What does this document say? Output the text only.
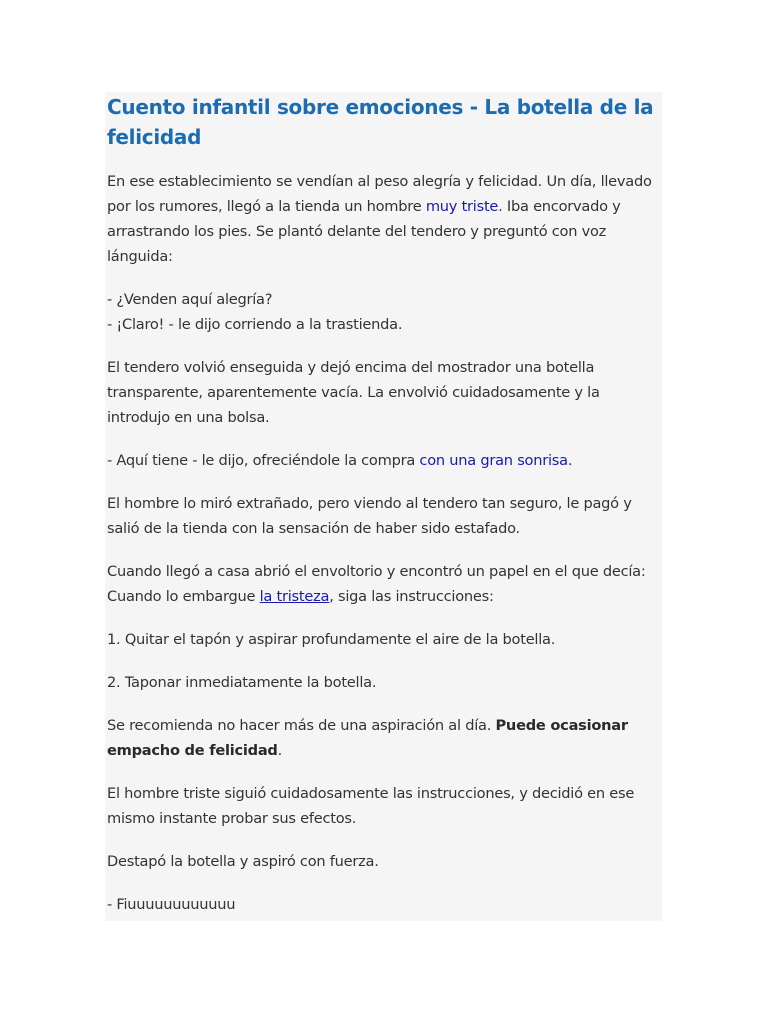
Cuento infantil sobre emociones - La botella de la felicidad

En ese establecimiento se vendían al peso alegría y felicidad. Un día, llevado por los rumores, llegó a la tienda un hombre muy triste. Iba encorvado y arrastrando los pies. Se plantó delante del tendero y preguntó con voz lánguida:

- ¿Venden aquí alegría?
- ¡Claro! - le dijo corriendo a la trastienda.

El tendero volvió enseguida y dejó encima del mostrador una botella transparente, aparentemente vacía. La envolvió cuidadosamente y la introdujo en una bolsa.

- Aquí tiene - le dijo, ofreciéndole la compra con una gran sonrisa.

El hombre lo miró extrañado, pero viendo al tendero tan seguro, le pagó y salió de la tienda con la sensación de haber sido estafado.

Cuando llegó a casa abrió el envoltorio y encontró un papel en el que decía: Cuando lo embargue la tristeza, siga las instrucciones:

1. Quitar el tapón y aspirar profundamente el aire de la botella.

2. Taponar inmediatamente la botella.

Se recomienda no hacer más de una aspiración al día. Puede ocasionar empacho de felicidad.

El hombre triste siguió cuidadosamente las instrucciones, y decidió en ese mismo instante probar sus efectos.

Destapó la botella y aspiró con fuerza.

- Fiuuuuuuuuuuuu
